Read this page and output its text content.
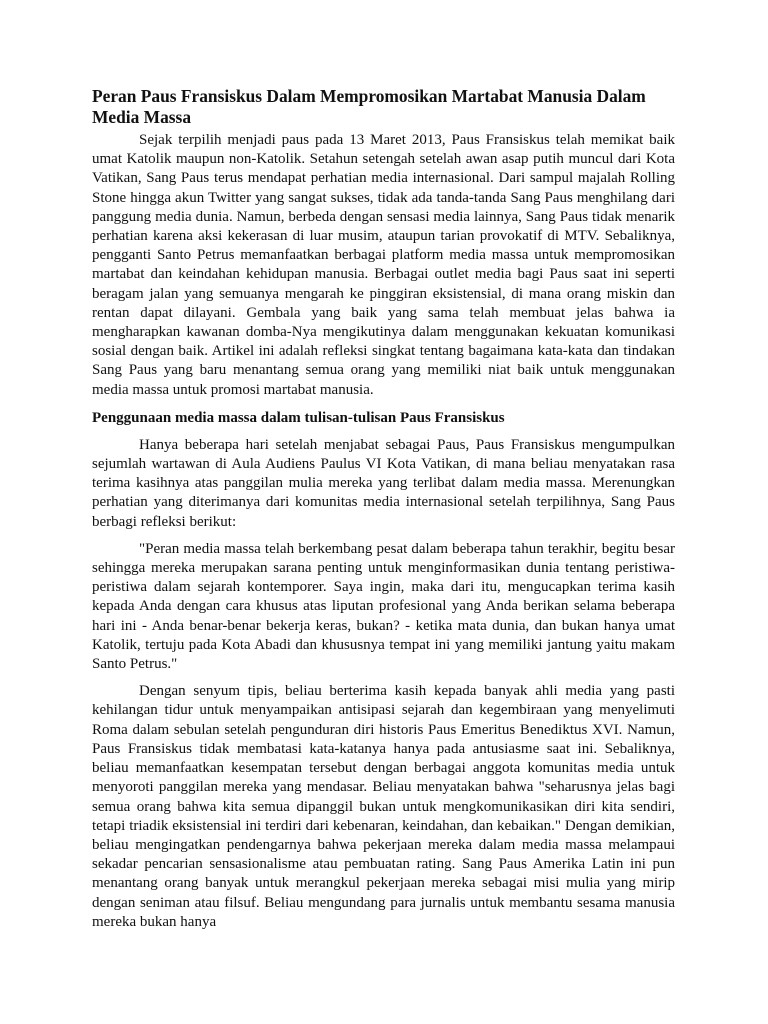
Peran Paus Fransiskus Dalam Mempromosikan Martabat Manusia Dalam Media Massa

Sejak terpilih menjadi paus pada 13 Maret 2013, Paus Fransiskus telah memikat baik umat Katolik maupun non-Katolik. Setahun setengah setelah awan asap putih muncul dari Kota Vatikan, Sang Paus terus mendapat perhatian media internasional. Dari sampul majalah Rolling Stone hingga akun Twitter yang sangat sukses, tidak ada tanda-tanda Sang Paus menghilang dari panggung media dunia. Namun, berbeda dengan sensasi media lainnya, Sang Paus tidak menarik perhatian karena aksi kekerasan di luar musim, ataupun tarian provokatif di MTV. Sebaliknya, pengganti Santo Petrus memanfaatkan berbagai platform media massa untuk mempromosikan martabat dan keindahan kehidupan manusia. Berbagai outlet media bagi Paus saat ini seperti beragam jalan yang semuanya mengarah ke pinggiran eksistensial, di mana orang miskin dan rentan dapat dilayani. Gembala yang baik yang sama telah membuat jelas bahwa ia mengharapkan kawanan domba-Nya mengikutinya dalam menggunakan kekuatan komunikasi sosial dengan baik. Artikel ini adalah refleksi singkat tentang bagaimana kata-kata dan tindakan Sang Paus yang baru menantang semua orang yang memiliki niat baik untuk menggunakan media massa untuk promosi martabat manusia.

Penggunaan media massa dalam tulisan-tulisan Paus Fransiskus

Hanya beberapa hari setelah menjabat sebagai Paus, Paus Fransiskus mengumpulkan sejumlah wartawan di Aula Audiens Paulus VI Kota Vatikan, di mana beliau menyatakan rasa terima kasihnya atas panggilan mulia mereka yang terlibat dalam media massa. Merenungkan perhatian yang diterimanya dari komunitas media internasional setelah terpilihnya, Sang Paus berbagi refleksi berikut:

"Peran media massa telah berkembang pesat dalam beberapa tahun terakhir, begitu besar sehingga mereka merupakan sarana penting untuk menginformasikan dunia tentang peristiwa-peristiwa dalam sejarah kontemporer. Saya ingin, maka dari itu, mengucapkan terima kasih kepada Anda dengan cara khusus atas liputan profesional yang Anda berikan selama beberapa hari ini - Anda benar-benar bekerja keras, bukan? - ketika mata dunia, dan bukan hanya umat Katolik, tertuju pada Kota Abadi dan khususnya tempat ini yang memiliki jantung yaitu makam Santo Petrus."

Dengan senyum tipis, beliau berterima kasih kepada banyak ahli media yang pasti kehilangan tidur untuk menyampaikan antisipasi sejarah dan kegembiraan yang menyelimuti Roma dalam sebulan setelah pengunduran diri historis Paus Emeritus Benediktus XVI. Namun, Paus Fransiskus tidak membatasi kata-katanya hanya pada antusiasme saat ini. Sebaliknya, beliau memanfaatkan kesempatan tersebut dengan berbagai anggota komunitas media untuk menyoroti panggilan mereka yang mendasar. Beliau menyatakan bahwa "seharusnya jelas bagi semua orang bahwa kita semua dipanggil bukan untuk mengkomunikasikan diri kita sendiri, tetapi triadik eksistensial ini terdiri dari kebenaran, keindahan, dan kebaikan." Dengan demikian, beliau mengingatkan pendengarnya bahwa pekerjaan mereka dalam media massa melampaui sekadar pencarian sensasionalisme atau pembuatan rating. Sang Paus Amerika Latin ini pun menantang orang banyak untuk merangkul pekerjaan mereka sebagai misi mulia yang mirip dengan seniman atau filsuf. Beliau mengundang para jurnalis untuk membantu sesama manusia mereka bukan hanya
